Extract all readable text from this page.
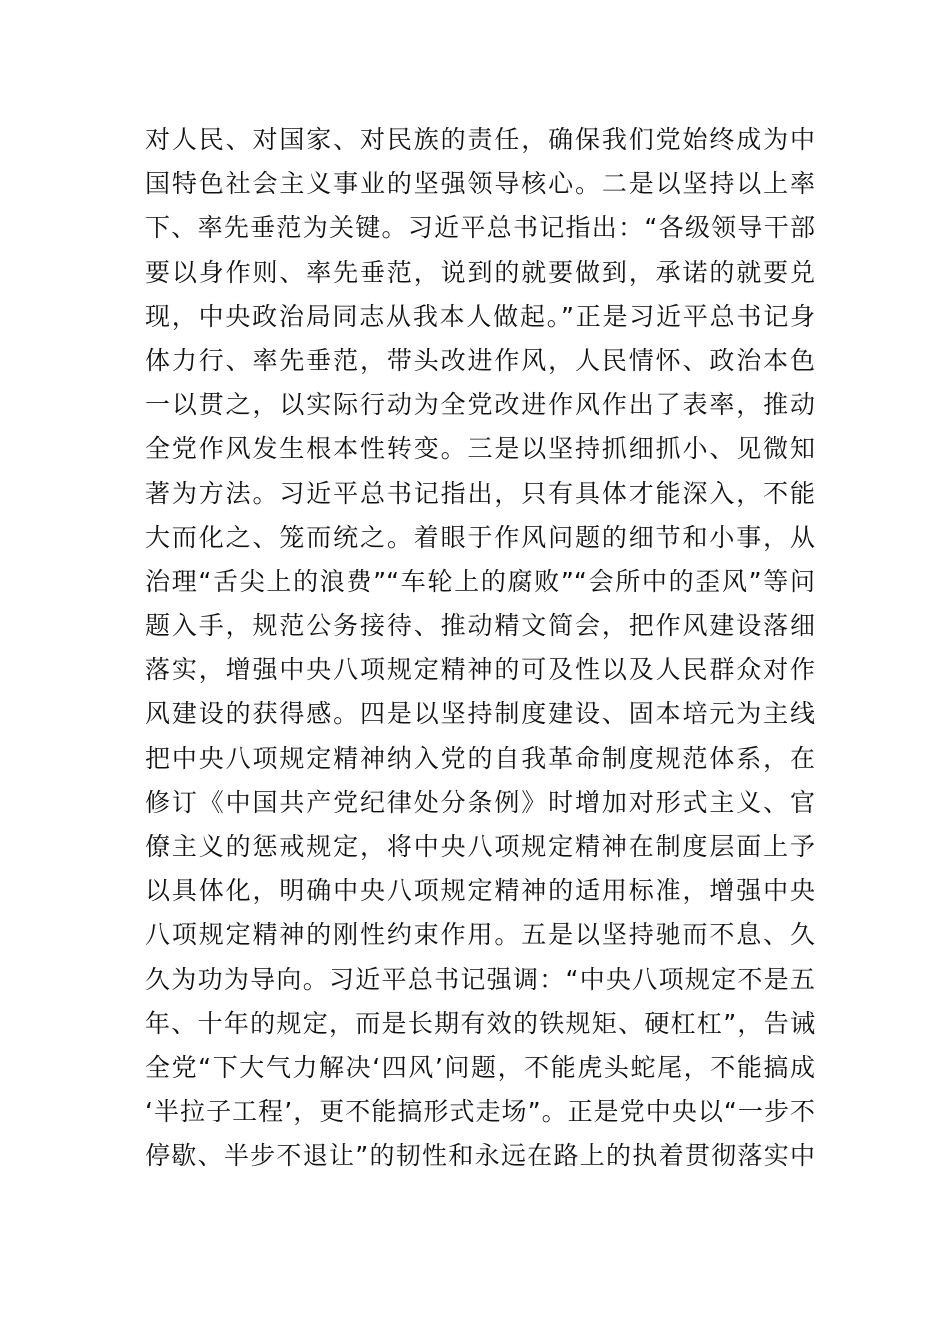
对人民、对国家、对民族的责任，确保我们党始终成为中
国特色社会主义事业的坚强领导核心。二是以坚持以上率
下、率先垂范为关键。习近平总书记指出：“各级领导干部
要以身作则、率先垂范，说到的就要做到，承诺的就要兑
现，中央政治局同志从我本人做起。”正是习近平总书记身
体力行、率先垂范，带头改进作风，人民情怀、政治本色
一以贯之，以实际行动为全党改进作风作出了表率，推动
全党作风发生根本性转变。三是以坚持抓细抓小、见微知
著为方法。习近平总书记指出，只有具体才能深入，不能
大而化之、笼而统之。着眼于作风问题的细节和小事，从
治理“舌尖上的浪费”“车轮上的腐败”“会所中的歪风”等问
题入手，规范公务接待、推动精文简会，把作风建设落细
落实，增强中央八项规定精神的可及性以及人民群众对作
风建设的获得感。四是以坚持制度建设、固本培元为主线
把中央八项规定精神纳入党的自我革命制度规范体系，在
修订《中国共产党纪律处分条例》时增加对形式主义、官
僚主义的惩戒规定，将中央八项规定精神在制度层面上予
以具体化，明确中央八项规定精神的适用标准，增强中央
八项规定精神的刚性约束作用。五是以坚持驰而不息、久
久为功为导向。习近平总书记强调：“中央八项规定不是五
年、十年的规定，而是长期有效的铁规矩、硬杠杠”，告诫
全党“下大气力解决‘四风’问题，不能虎头蛇尾，不能搞成
‘半拉子工程’，更不能搞形式走场”。正是党中央以“一步不
停歇、半步不退让”的韧性和永远在路上的执着贯彻落实中
